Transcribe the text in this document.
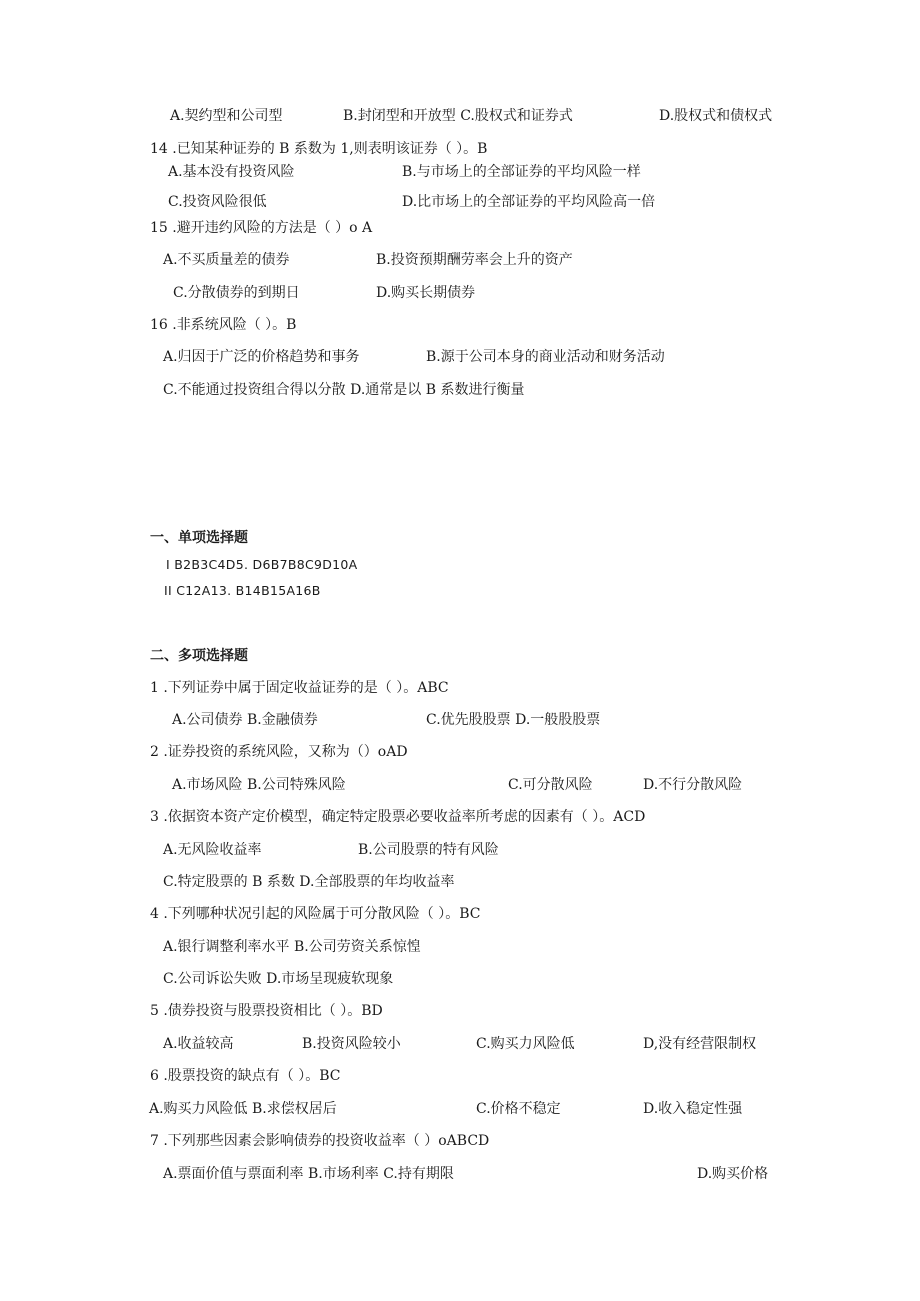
A.契约型和公司型	B.封闭型和开放型 C.股权式和证券式	D.股权式和债权式
14 .已知某种证券的 B 系数为 1,则表明该证券（ ）。B
A.基本没有投资风险	B.与市场上的全部证券的平均风险一样
C.投资风险很低	D.比市场上的全部证券的平均风险高一倍
15 .避开违约风险的方法是（ ）o A
A.不买质量差的债券	B.投资预期酬劳率会上升的资产
C.分散债券的到期日	D.购买长期债券
16 .非系统风险（ ）。B
A.归因于广泛的价格趋势和事务	B.源于公司本身的商业活动和财务活动
C.不能通过投资组合得以分散 D.通常是以 B 系数进行衡量
一、单项选择题
I B2B3C4D5. D6B7B8C9D10A
II C12A13. B14B15A16B
二、多项选择题
1 .下列证券中属于固定收益证券的是（ ）。ABC
A.公司债券 B.金融债券	C.优先股股票 D.一般股股票
2 .证券投资的系统风险，又称为（）oAD
A.市场风险 B.公司特殊风险	C.可分散风险	D.不行分散风险
3 .依据资本资产定价模型，确定特定股票必要收益率所考虑的因素有（ ）。ACD
A.无风险收益率	B.公司股票的特有风险
C.特定股票的 B 系数 D.全部股票的年均收益率
4 .下列哪种状况引起的风险属于可分散风险（ ）。BC
A.银行调整利率水平 B.公司劳资关系惊惶
C.公司诉讼失败 D.市场呈现疲软现象
5 .债券投资与股票投资相比（ ）。BD
A.收益较高	B.投资风险较小	C.购买力风险低	D,没有经营限制权
6 .股票投资的缺点有（ ）。BC
A.购买力风险低 B.求偿权居后	C.价格不稳定	D.收入稳定性强
7 .下列那些因素会影响债券的投资收益率（ ）oABCD
A.票面价值与票面利率 B.市场利率 C.持有期限	D.购买价格
